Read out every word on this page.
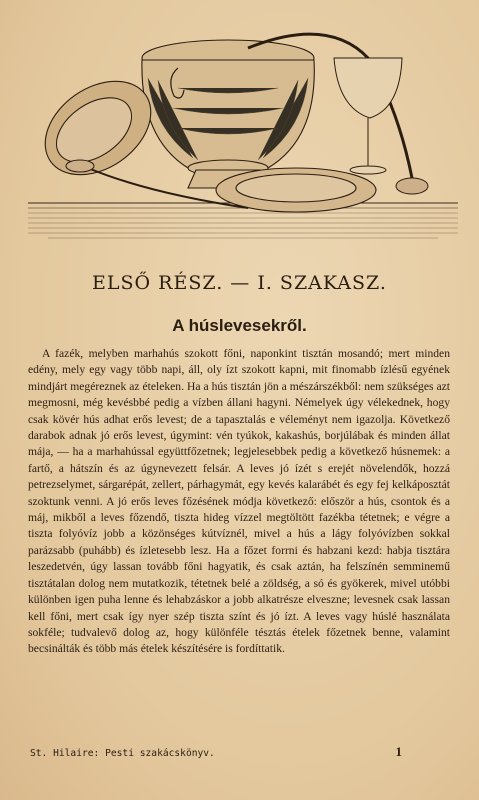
ELSŐ RÉSZ. — I. SZAKASZ.
A húslevesekről.

A fazék, melyben marhahús szokott főni, naponkint tisztán mosandó; mert minden edény, mely egy vagy több napi, áll, oly ízt szokott kapni, mit finomabb ízlésű egyének mindjárt megéreznek az ételeken. Ha a hús tisztán jön a mészárszékből: nem szükséges azt megmosni, még kevésbbé pedig a vízben állani hagyni. Némelyek úgy vélekednek, hogy csak kövér hús adhat erős levest; de a tapasztalás e véleményt nem igazolja. Következő darabok adnak jó erős levest, úgymint: vén tyúkok, kakashús, borjúlábak és minden állat mája, — ha a marhahússal együttfőzetnek; legjelesebbek pedig a következő húsnemek: a fartő, a hátszín és az úgynevezett felsár. A leves jó ízét s erejét növelendők, hozzá petrezselymet, sárgarépát, zellert, párhagymát, egy kevés kalarábét és egy fej kelkáposztát szoktunk venni. A jó erős leves főzésének módja következő: először a hús, csontok és a máj, mikből a leves főzendő, tiszta hideg vízzel megtöltött fazékba tétetnek; e végre a tiszta folyóvíz jobb a közönséges kútvíznél, mivel a hús a lágy folyóvízben sokkal parázsabb (puhább) és ízletesebb lesz. Ha a főzet forrni és habzani kezd: habja tisztára leszedetvén, úgy lassan tovább főni hagyatik, és csak aztán, ha felszínén semminemű tisztátalan dolog nem mutatkozik, tétetnek belé a zöldség, a só és gyökerek, mivel utóbbi különben igen puha lenne és lehabzáskor a jobb alkatrésze elveszne; levesnek csak lassan kell főni, mert csak így nyer szép tiszta színt és jó ízt. A leves vagy húslé használata sokféle; tudvalevő dolog az, hogy különféle tésztás ételek főzetnek benne, valamint becsinálták és több más ételek készítésére is fordíttatik.

St. Hilaire: Pesti szakácskönyv.	1
